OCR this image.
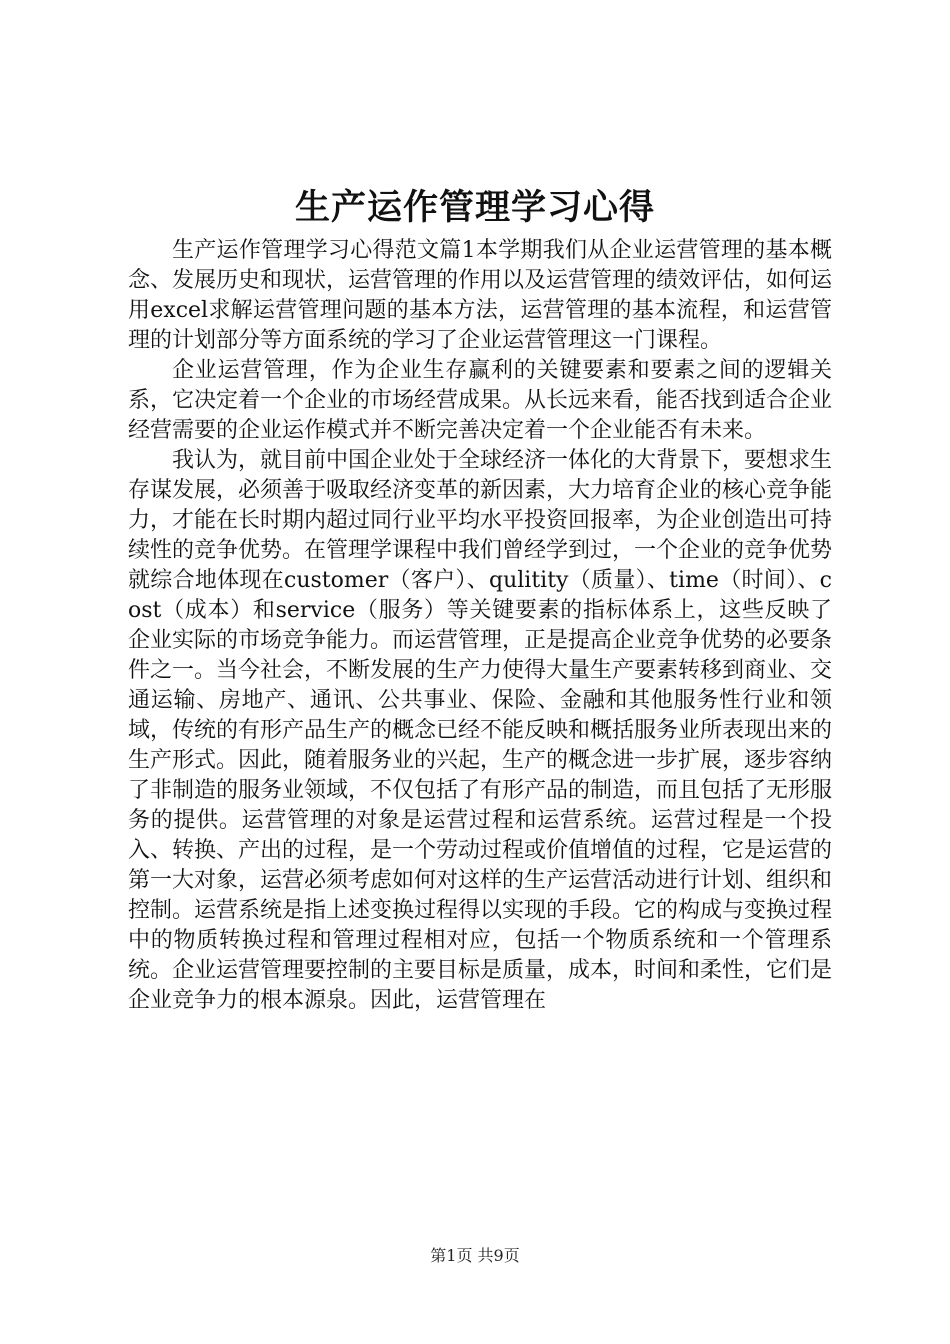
生产运作管理学习心得

生产运作管理学习心得范文篇1本学期我们从企业运营管理的基本概念、发展历史和现状，运营管理的作用以及运营管理的绩效评估，如何运用excel求解运营管理问题的基本方法，运营管理的基本流程，和运营管理的计划部分等方面系统的学习了企业运营管理这一门课程。

企业运营管理，作为企业生存赢利的关键要素和要素之间的逻辑关系，它决定着一个企业的市场经营成果。从长远来看，能否找到适合企业经营需要的企业运作模式并不断完善决定着一个企业能否有未来。

我认为，就目前中国企业处于全球经济一体化的大背景下，要想求生存谋发展，必须善于吸取经济变革的新因素，大力培育企业的核心竞争能力，才能在长时期内超过同行业平均水平投资回报率，为企业创造出可持续性的竞争优势。在管理学课程中我们曾经学到过，一个企业的竞争优势就综合地体现在customer（客户）、qulitity（质量）、time（时间）、cost（成本）和service（服务）等关键要素的指标体系上，这些反映了企业实际的市场竞争能力。而运营管理，正是提高企业竞争优势的必要条件之一。当今社会，不断发展的生产力使得大量生产要素转移到商业、交通运输、房地产、通讯、公共事业、保险、金融和其他服务性行业和领域，传统的有形产品生产的概念已经不能反映和概括服务业所表现出来的生产形式。因此，随着服务业的兴起，生产的概念进一步扩展，逐步容纳了非制造的服务业领域，不仅包括了有形产品的制造，而且包括了无形服务的提供。运营管理的对象是运营过程和运营系统。运营过程是一个投入、转换、产出的过程，是一个劳动过程或价值增值的过程，它是运营的第一大对象，运营必须考虑如何对这样的生产运营活动进行计划、组织和控制。运营系统是指上述变换过程得以实现的手段。它的构成与变换过程中的物质转换过程和管理过程相对应，包括一个物质系统和一个管理系统。企业运营管理要控制的主要目标是质量，成本，时间和柔性，它们是企业竞争力的根本源泉。因此，运营管理在

第1页 共9页
